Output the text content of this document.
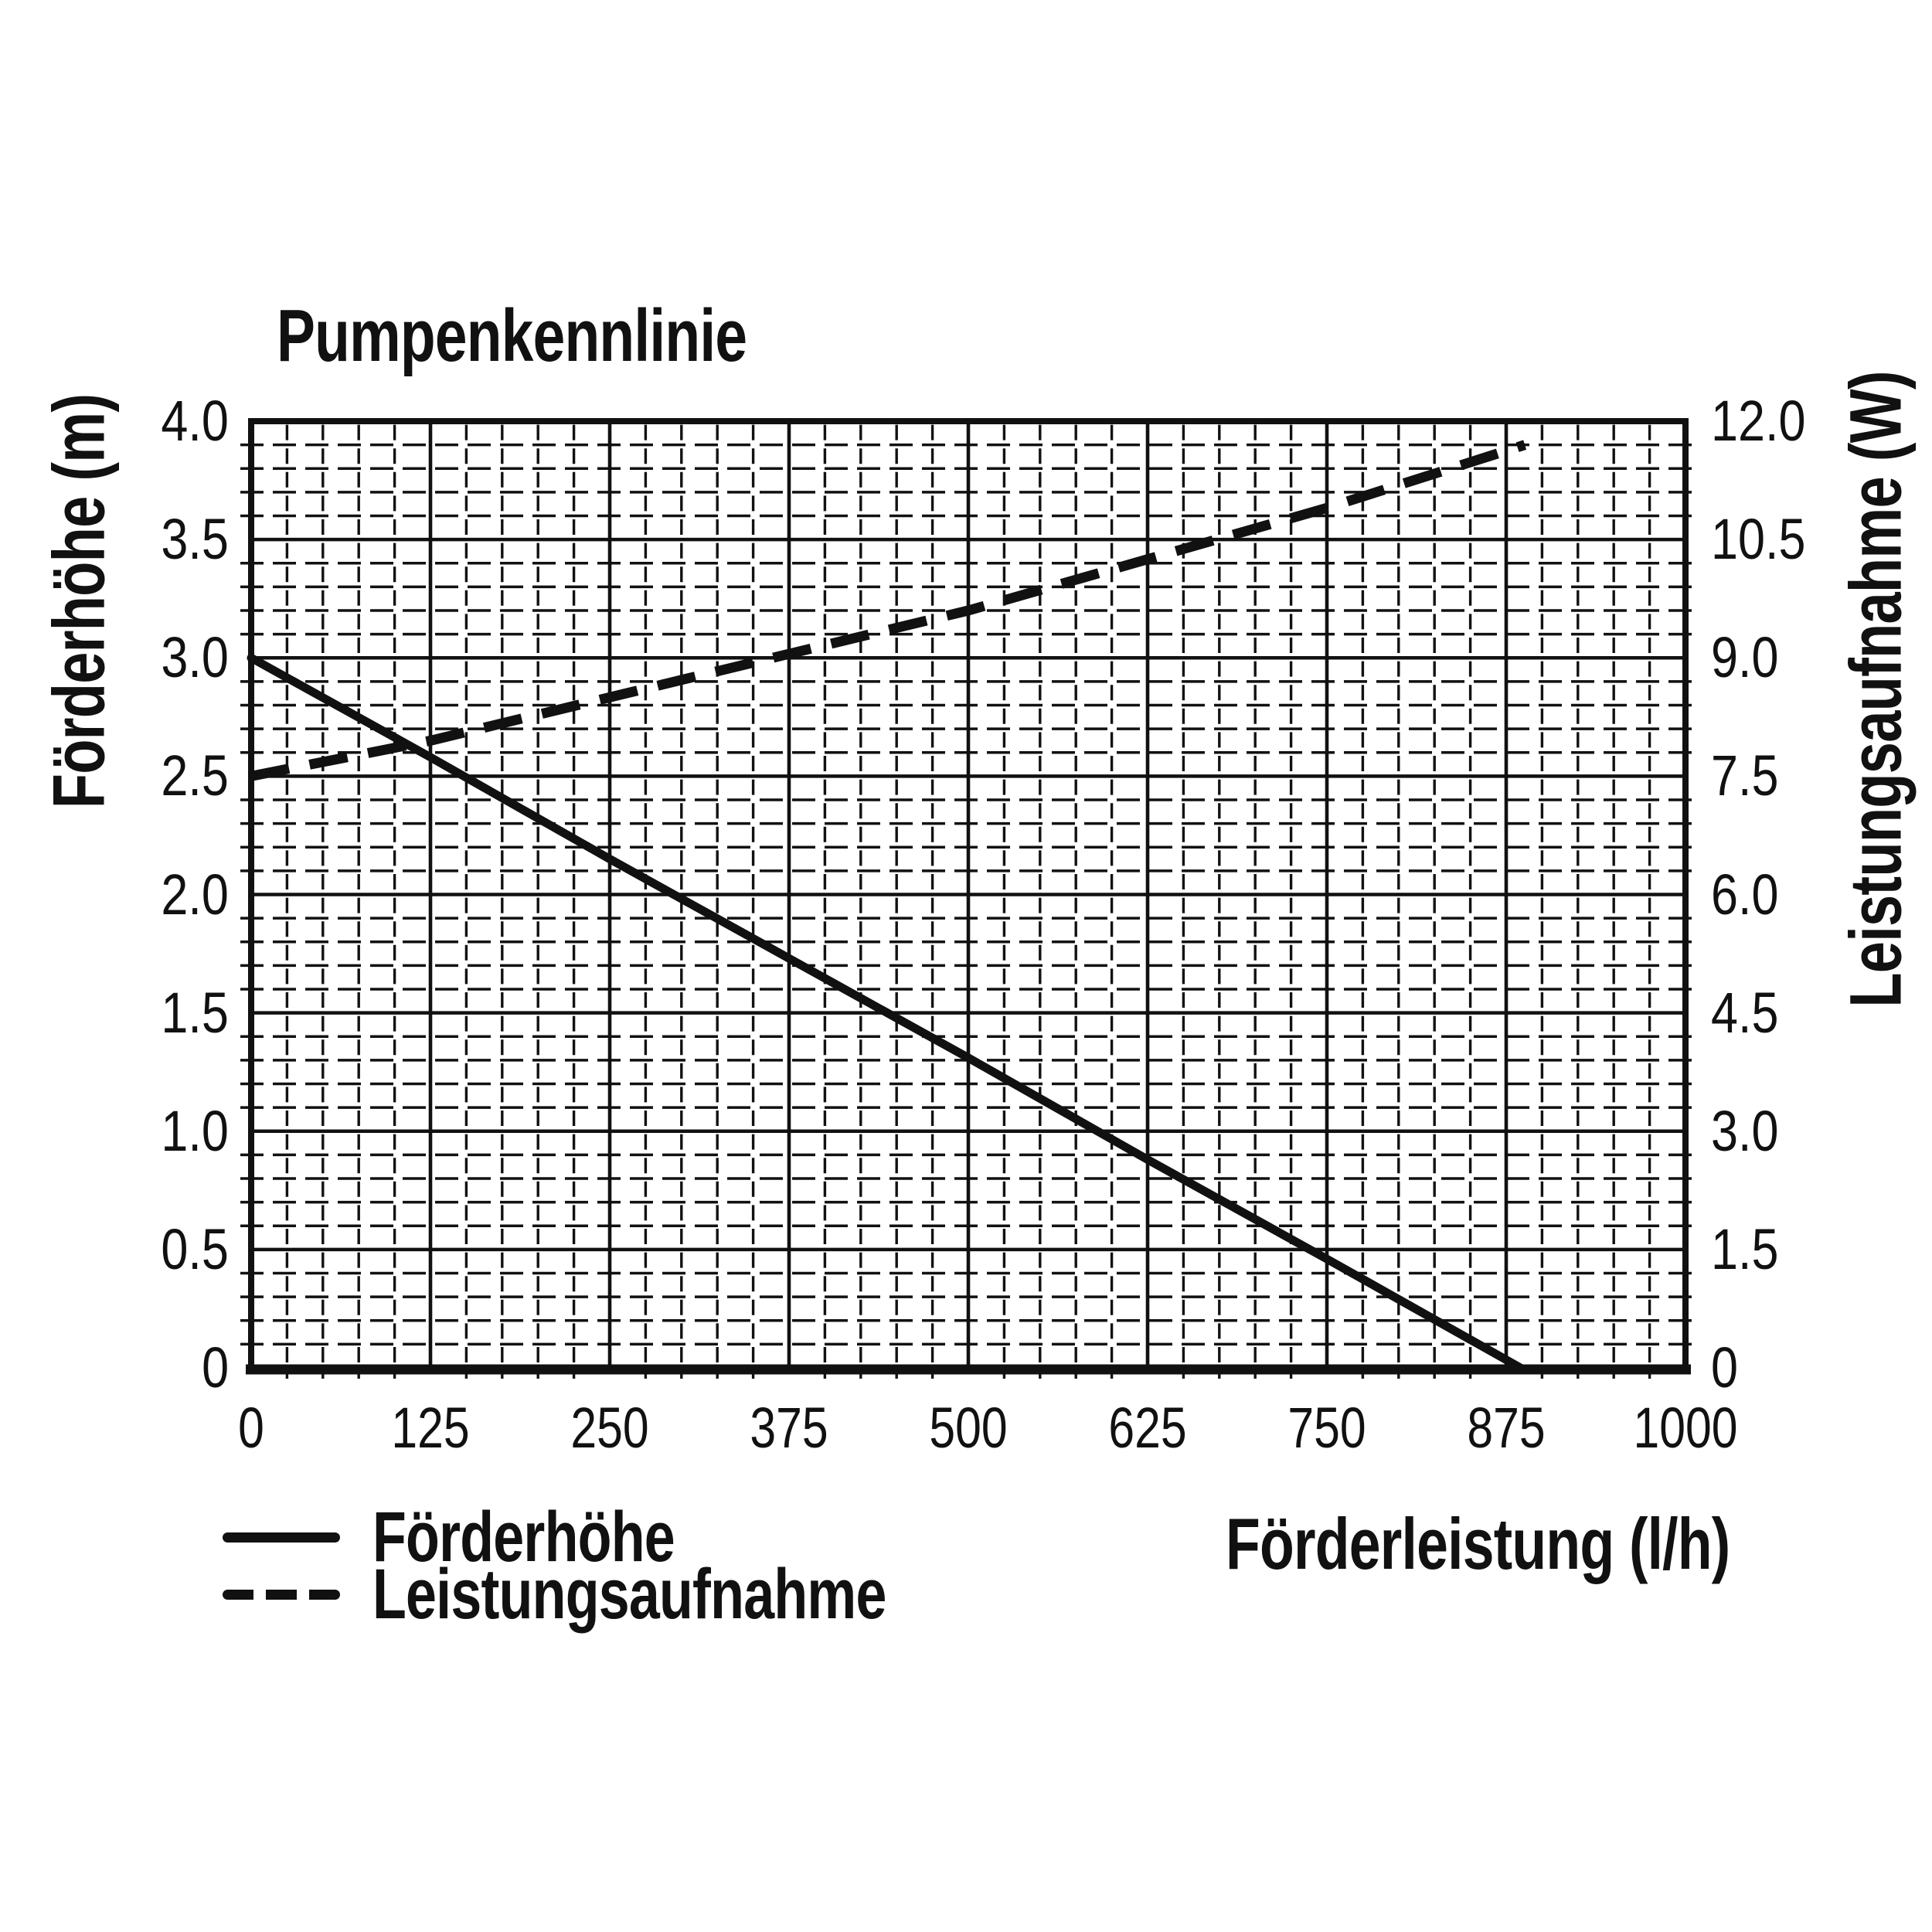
Pumpenkennlinie
Förderhöhe (m)	Leistungsaufnahme (W)
Förderleistung (l/h)
0 125 250 375 500 625 750 875 1000
4.0
3.5
3.0
2.5
2.0
1.5
1.0
0.5
0
12.0
10.5
9.0
7.5
6.0
4.5
3.0
1.5
0
Förderhöhe
Leistungsaufnahme
